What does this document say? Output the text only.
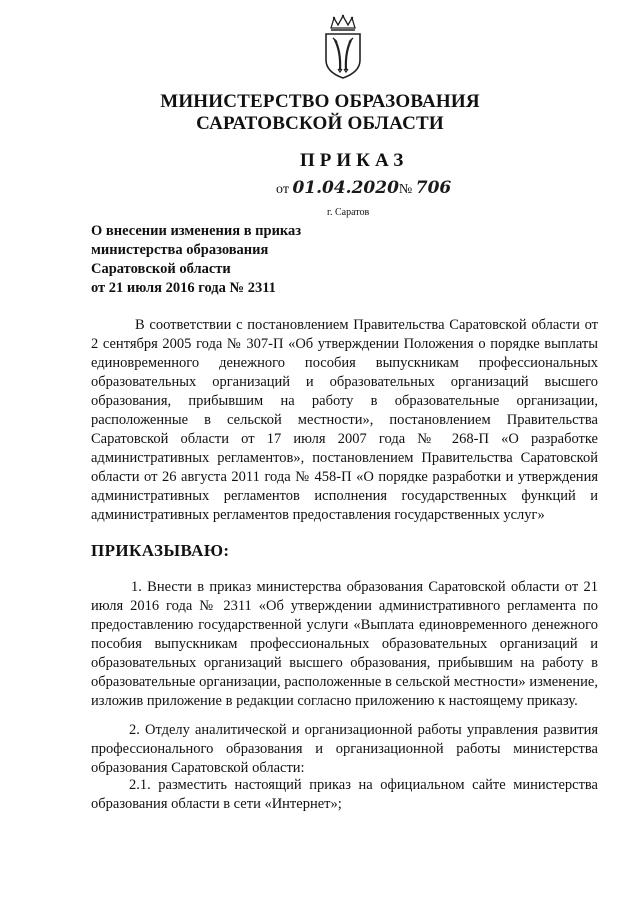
МИНИСТЕРСТВО ОБРАЗОВАНИЯ
САРАТОВСКОЙ ОБЛАСТИ
ПРИКАЗ
от 01.04.2020№ 706
г. Саратов
О внесении изменения в приказ
министерства образования
Саратовской области
от 21 июля 2016 года № 2311
В соответствии с постановлением Правительства Саратовской области от 2 сентября 2005 года № 307-П «Об утверждении Положения о порядке выплаты единовременного денежного пособия выпускникам профессиональных образовательных организаций и образовательных организаций высшего образования, прибывшим на работу в образовательные организации, расположенные в сельской местности», постановлением Правительства Саратовской области от 17 июля 2007 года № 268-П «О разработке административных регламентов», постановлением Правительства Саратовской области от 26 августа 2011 года № 458-П «О порядке разработки и утверждения административных регламентов исполнения государственных функций и административных регламентов предоставления государственных услуг»
ПРИКАЗЫВАЮ:
1. Внести в приказ министерства образования Саратовской области от 21 июля 2016 года № 2311 «Об утверждении административного регламента по предоставлению государственной услуги «Выплата единовременного денежного пособия выпускникам профессиональных образовательных организаций и образовательных организаций высшего образования, прибывшим на работу в образовательные организации, расположенные в сельской местности» изменение, изложив приложение в редакции согласно приложению к настоящему приказу.
2. Отделу аналитической и организационной работы управления развития профессионального образования и организационной работы министерства образования Саратовской области:
2.1. разместить настоящий приказ на официальном сайте министерства образования области в сети «Интернет»;
